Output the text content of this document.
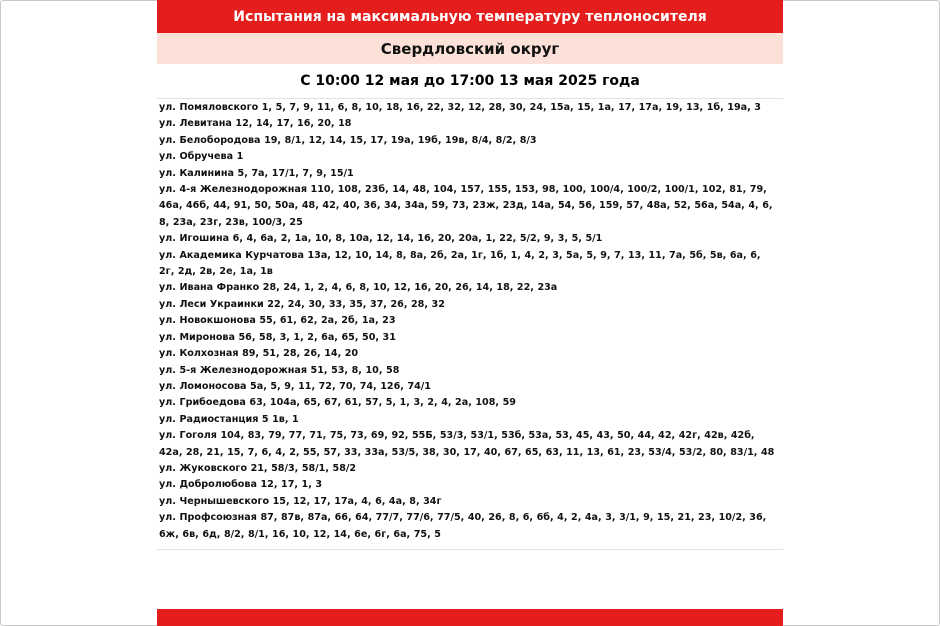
Испытания на максимальную температуру теплоносителя
Свердловский округ
С 10:00 12 мая до 17:00 13 мая 2025 года
ул. Помяловского 1, 5, 7, 9, 11, 6, 8, 10, 18, 16, 22, 32, 12, 28, 30, 24, 15а, 15, 1а, 17, 17а, 19, 13, 1б, 19а, 3
ул. Левитана 12, 14, 17, 16, 20, 18
ул. Белобородова 19, 8/1, 12, 14, 15, 17, 19а, 19б, 19в, 8/4, 8/2, 8/3
ул. Обручева 1
ул. Калинина 5, 7а, 17/1, 7, 9, 15/1
ул. 4-я Железнодорожная 110, 108, 23б, 14, 48, 104, 157, 155, 153, 98, 100, 100/4, 100/2, 100/1, 102, 81, 79, 46а, 46б, 44, 91, 50, 50а, 48, 42, 40, 36, 34, 34а, 59, 73, 23ж, 23д, 14а, 54, 56, 159, 57, 48а, 52, 56а, 54а, 4, 6, 8, 23а, 23г, 23в, 100/3, 25
ул. Игошина 6, 4, 6а, 2, 1а, 10, 8, 10а, 12, 14, 16, 20, 20а, 1, 22, 5/2, 9, 3, 5, 5/1
ул. Академика Курчатова 13а, 12, 10, 14, 8, 8а, 2б, 2а, 1г, 1б, 1, 4, 2, 3, 5а, 5, 9, 7, 13, 11, 7а, 5б, 5в, 6а, 6, 2г, 2д, 2в, 2е, 1а, 1в
ул. Ивана Франко 28, 24, 1, 2, 4, 6, 8, 10, 12, 16, 20, 26, 14, 18, 22, 23а
ул. Леси Украинки 22, 24, 30, 33, 35, 37, 26, 28, 32
ул. Новокшонова 55, 61, 62, 2а, 2б, 1а, 23
ул. Миронова 56, 58, 3, 1, 2, 6а, 65, 50, 31
ул. Колхозная 89, 51, 28, 26, 14, 20
ул. 5-я Железнодорожная 51, 53, 8, 10, 58
ул. Ломоносова 5а, 5, 9, 11, 72, 70, 74, 126, 74/1
ул. Грибоедова 63, 104а, 65, 67, 61, 57, 5, 1, 3, 2, 4, 2а, 108, 59
ул. Радиостанция 5 1в, 1
ул. Гоголя 104, 83, 79, 77, 71, 75, 73, 69, 92, 55Б, 53/3, 53/1, 53б, 53а, 53, 45, 43, 50, 44, 42, 42г, 42в, 42б, 42а, 28, 21, 15, 7, 6, 4, 2, 55, 57, 33, 33а, 53/5, 38, 30, 17, 40, 67, 65, 63, 11, 13, 61, 23, 53/4, 53/2, 80, 83/1, 48
ул. Жуковского 21, 58/3, 58/1, 58/2
ул. Добролюбова 12, 17, 1, 3
ул. Чернышевского 15, 12, 17, 17а, 4, 6, 4а, 8, 34г
ул. Профсоюзная 87, 87в, 87а, 66, 64, 77/7, 77/6, 77/5, 40, 26, 8, 6, 6б, 4, 2, 4а, 3, 3/1, 9, 15, 21, 23, 10/2, 36, 6ж, 6в, 6д, 8/2, 8/1, 16, 10, 12, 14, 6е, 6г, 6а, 75, 5
